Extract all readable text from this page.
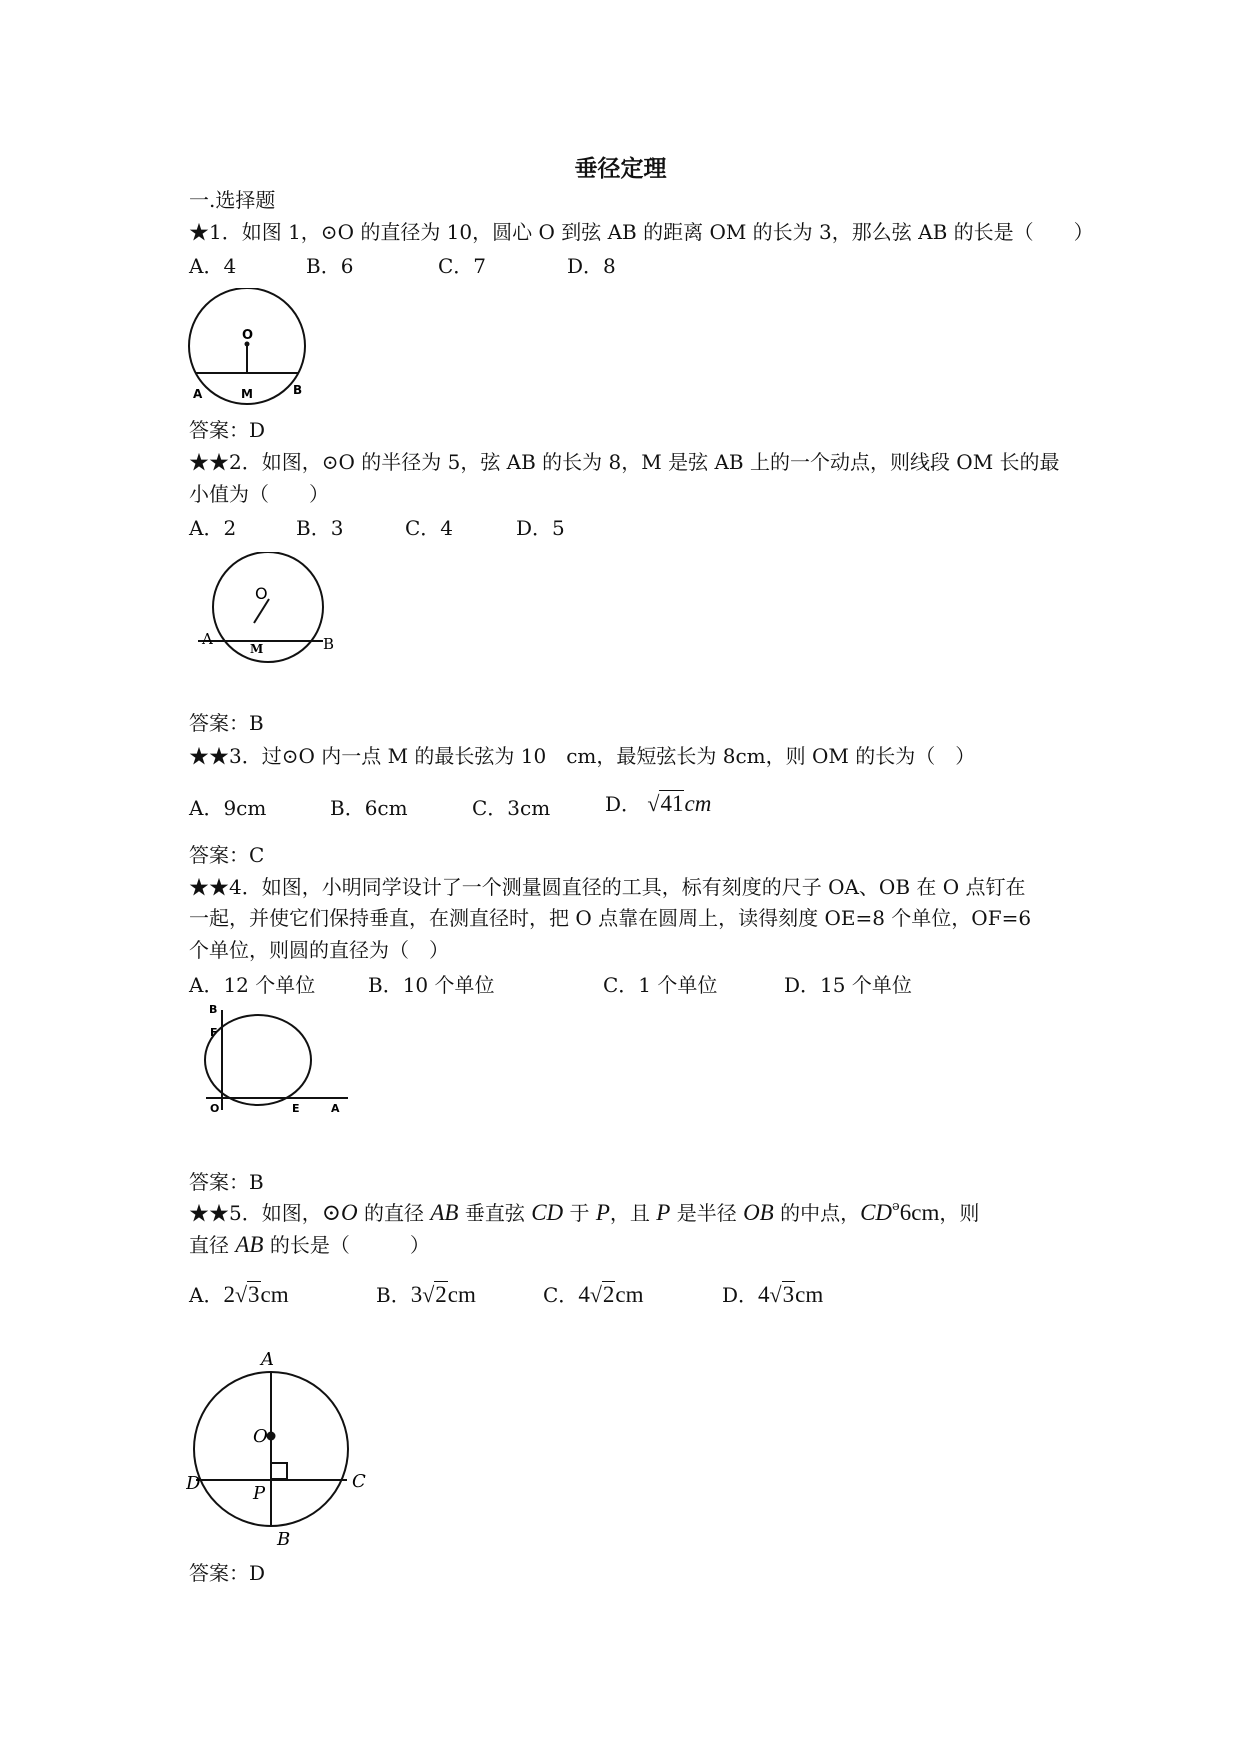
垂径定理
一.选择题
★1．如图 1，⊙O 的直径为 10，圆心 O 到弦 AB 的距离 OM 的长为 3，那么弦 AB 的长是（　　）
A．4	B．6	C．7	D．8
O
A	M	B
答案：D
★★2．如图，⊙O 的半径为 5，弦 AB 的长为 8，M 是弦 AB 上的一个动点，则线段 OM 长的最
小值为（　　）
A．2	B．3	C．4	D．5
O
A
M	B
答案：B
★★3．过⊙O 内一点 M 的最长弦为 10　cm，最短弦长为 8cm，则 OM 的长为（　）
A．9cm	B．6cm	C．3cm	D． √41cm
答案：C
★★4．如图，小明同学设计了一个测量圆直径的工具，标有刻度的尺子 OA、OB 在 O 点钉在
一起，并使它们保持垂直，在测直径时，把 O 点靠在圆周上，读得刻度 OE=8 个单位，OF=6
个单位，则圆的直径为（　）
A．12 个单位	B．10 个单位	C．1 个单位	D．15 个单位
B
F
O	E	A
答案：B
★★5．如图，⊙O 的直径 AB 垂直弦 CD 于 P，且 P 是半径 OB 的中点，$CD^ǝ6cm$，则
直径 AB 的长是（　　　）
A．2√3cm	B．3√2cm	C．4√2cm	D．4√3cm
A
O
D	C
P
B
答案：D
